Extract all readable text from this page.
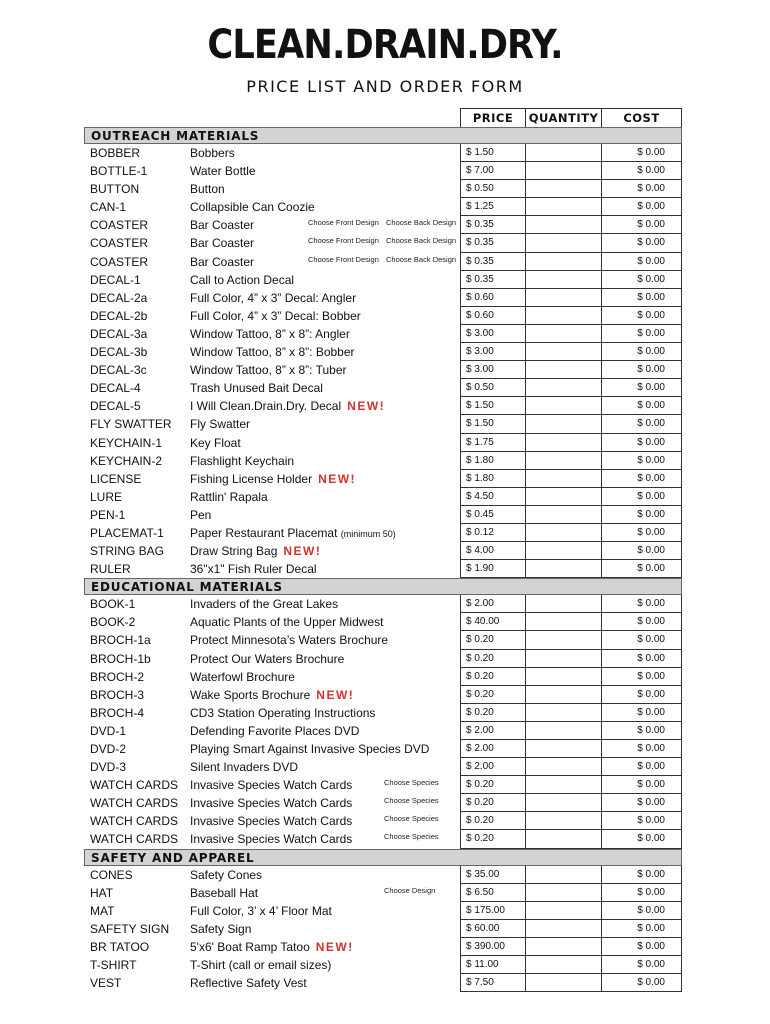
CLEAN.DRAIN.DRY.
PRICE LIST AND ORDER FORM
PRICE	QUANTITY	COST
OUTREACH MATERIALS
BOBBER	Bobbers	$ 1.50	$ 0.00
BOTTLE-1	Water Bottle	$ 7.00	$ 0.00
BUTTON	Button	$ 0.50	$ 0.00
CAN-1	Collapsible Can Coozie	$ 1.25	$ 0.00
COASTER	Bar Coaster	Choose Front Design Choose Back Design $ 0.35	$ 0.00
COASTER	Bar Coaster	Choose Front Design Choose Back Design $ 0.35	$ 0.00
COASTER	Bar Coaster	Choose Front Design Choose Back Design $ 0.35	$ 0.00
DECAL-1	Call to Action Decal	$ 0.35	$ 0.00
DECAL-2a	Full Color, 4” x 3” Decal: Angler	$ 0.60	$ 0.00
DECAL-2b	Full Color, 4” x 3” Decal: Bobber	$ 0.60	$ 0.00
DECAL-3a	Window Tattoo, 8” x 8”: Angler	$ 3.00	$ 0.00
DECAL-3b	Window Tattoo, 8” x 8”: Bobber	$ 3.00	$ 0.00
DECAL-3c	Window Tattoo, 8” x 8”: Tuber	$ 3.00	$ 0.00
DECAL-4	Trash Unused Bait Decal	$ 0.50	$ 0.00
DECAL-5	I Will Clean.Drain.Dry. Decal NEW!	$ 1.50	$ 0.00
FLY SWATTER	Fly Swatter	$ 1.50	$ 0.00
KEYCHAIN-1	Key Float	$ 1.75	$ 0.00
KEYCHAIN-2	Flashlight Keychain	$ 1.80	$ 0.00
LICENSE	Fishing License Holder NEW!	$ 1.80	$ 0.00
LURE	Rattlin' Rapala	$ 4.50	$ 0.00
PEN-1	Pen	$ 0.45	$ 0.00
PLACEMAT-1	Paper Restaurant Placemat (minimum 50)	$ 0.12	$ 0.00
STRING BAG	Draw String Bag NEW!	$ 4.00	$ 0.00
RULER	36"x1" Fish Ruler Decal	$ 1.90	$ 0.00
EDUCATIONAL MATERIALS
BOOK-1	Invaders of the Great Lakes	$ 2.00	$ 0.00
BOOK-2	Aquatic Plants of the Upper Midwest	$ 40.00	$ 0.00
BROCH-1a	Protect Minnesota’s Waters Brochure	$ 0.20	$ 0.00
BROCH-1b	Protect Our Waters Brochure	$ 0.20	$ 0.00
BROCH-2	Waterfowl Brochure	$ 0.20	$ 0.00
BROCH-3	Wake Sports Brochure NEW!	$ 0.20	$ 0.00
BROCH-4	CD3 Station Operating Instructions	$ 0.20	$ 0.00
DVD-1	Defending Favorite Places DVD	$ 2.00	$ 0.00
DVD-2	Playing Smart Against Invasive Species DVD	$ 2.00	$ 0.00
DVD-3	Silent Invaders DVD	$ 2.00	$ 0.00
WATCH CARDS	Invasive Species Watch Cards	Choose Species	$ 0.20	$ 0.00
WATCH CARDS	Invasive Species Watch Cards	Choose Species	$ 0.20	$ 0.00
WATCH CARDS	Invasive Species Watch Cards	Choose Species	$ 0.20	$ 0.00
WATCH CARDS	Invasive Species Watch Cards	Choose Species	$ 0.20	$ 0.00
SAFETY AND APPAREL
CONES	Safety Cones	$ 35.00	$ 0.00
HAT	Baseball Hat	Choose Design	$ 6.50	$ 0.00
MAT	Full Color, 3’ x 4’ Floor Mat	$ 175.00	$ 0.00
SAFETY SIGN	Safety Sign	$ 60.00	$ 0.00
BR TATOO	5'x6' Boat Ramp Tatoo NEW!	$ 390.00	$ 0.00
T-SHIRT	T-Shirt (call or email sizes)	$ 11.00	$ 0.00
VEST	Reflective Safety Vest	$ 7.50	$ 0.00
